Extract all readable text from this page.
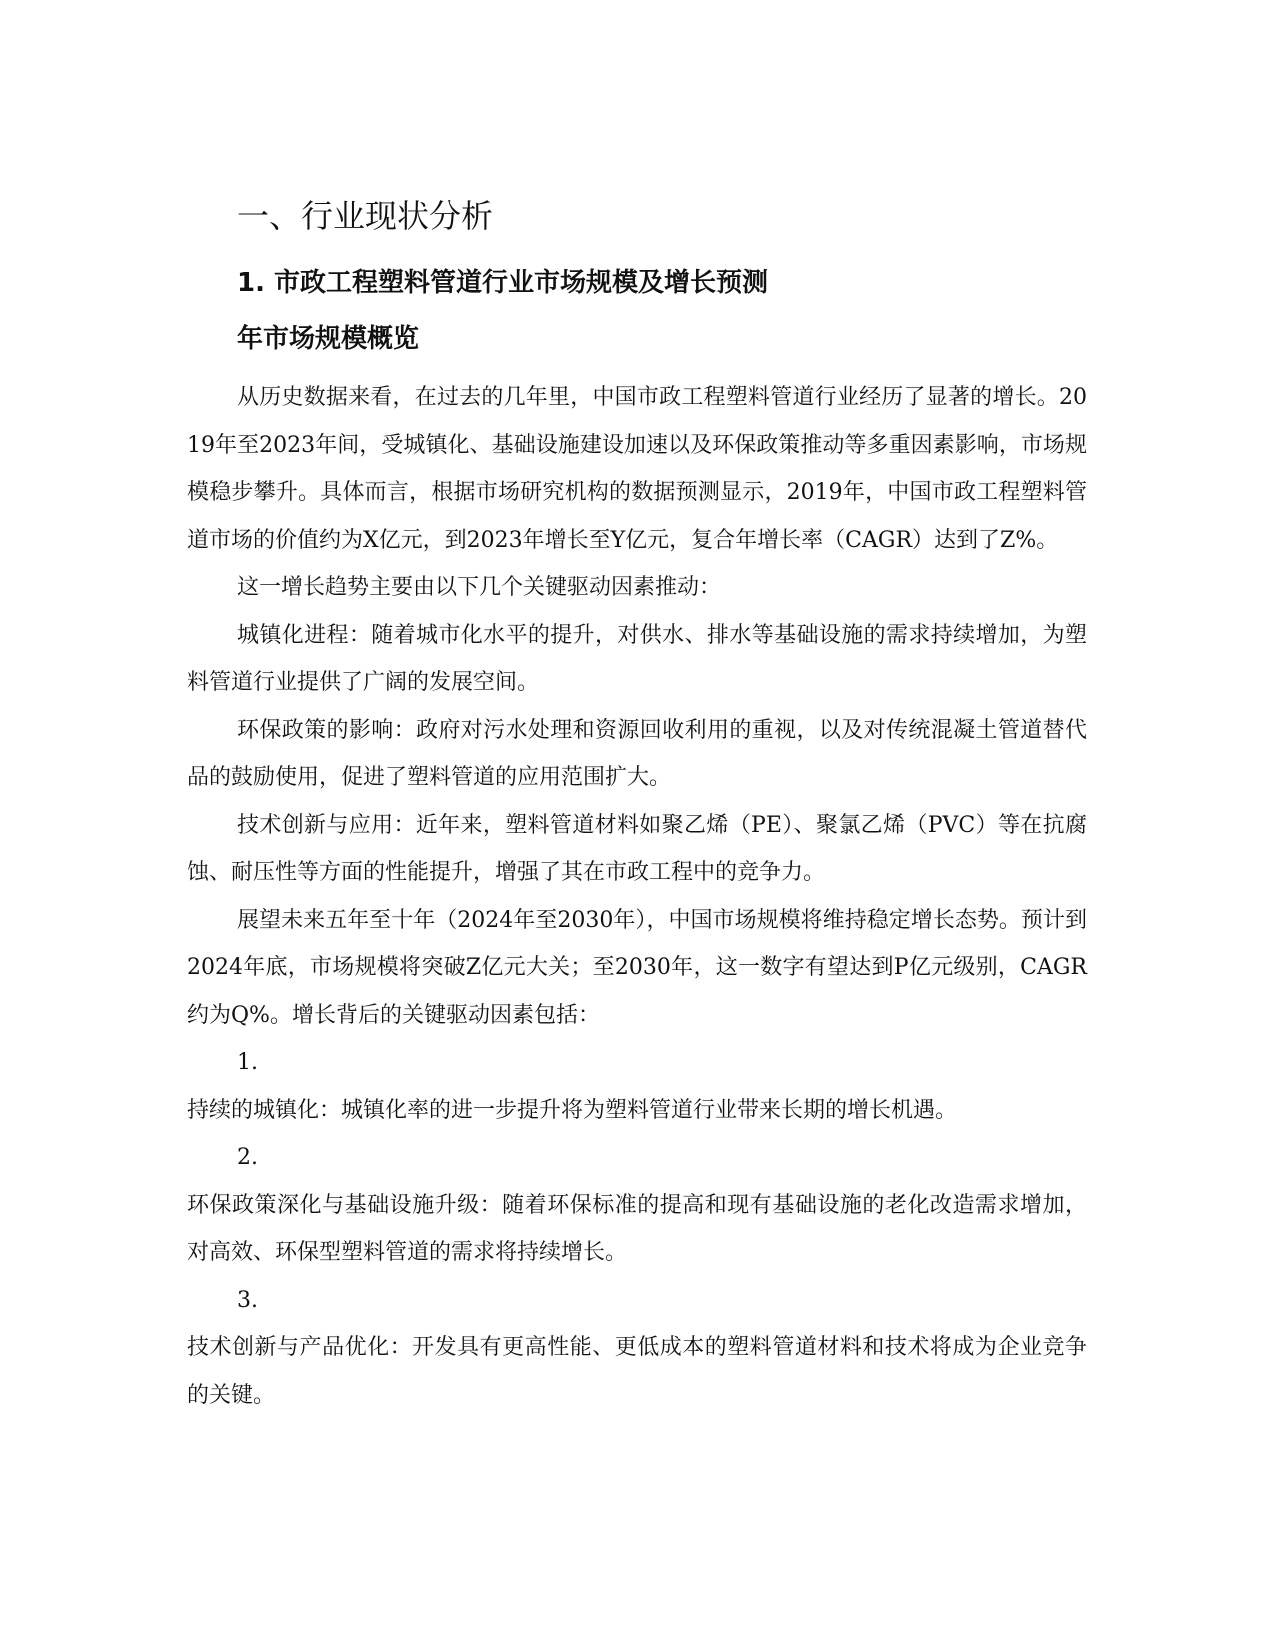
一、行业现状分析
1. 市政工程塑料管道行业市场规模及增长预测
年市场规模概览

从历史数据来看，在过去的几年里，中国市政工程塑料管道行业经历了显著的增长。2019年至2023年间，受城镇化、基础设施建设加速以及环保政策推动等多重因素影响，市场规模稳步攀升。具体而言，根据市场研究机构的数据预测显示，2019年，中国市政工程塑料管道市场的价值约为X亿元，到2023年增长至Y亿元，复合年增长率（CAGR）达到了Z%。

这一增长趋势主要由以下几个关键驱动因素推动：

城镇化进程：随着城市化水平的提升，对供水、排水等基础设施的需求持续增加，为塑料管道行业提供了广阔的发展空间。

环保政策的影响：政府对污水处理和资源回收利用的重视，以及对传统混凝土管道替代品的鼓励使用，促进了塑料管道的应用范围扩大。

技术创新与应用：近年来，塑料管道材料如聚乙烯（PE）、聚氯乙烯（PVC）等在抗腐蚀、耐压性等方面的性能提升，增强了其在市政工程中的竞争力。

展望未来五年至十年（2024年至2030年），中国市场规模将维持稳定增长态势。预计到2024年底，市场规模将突破Z亿元大关；至2030年，这一数字有望达到P亿元级别，CAGR约为Q%。增长背后的关键驱动因素包括：

1.

持续的城镇化：城镇化率的进一步提升将为塑料管道行业带来长期的增长机遇。

2.

环保政策深化与基础设施升级：随着环保标准的提高和现有基础设施的老化改造需求增加，对高效、环保型塑料管道的需求将持续增长。

3.

技术创新与产品优化：开发具有更高性能、更低成本的塑料管道材料和技术将成为企业竞争的关键。
